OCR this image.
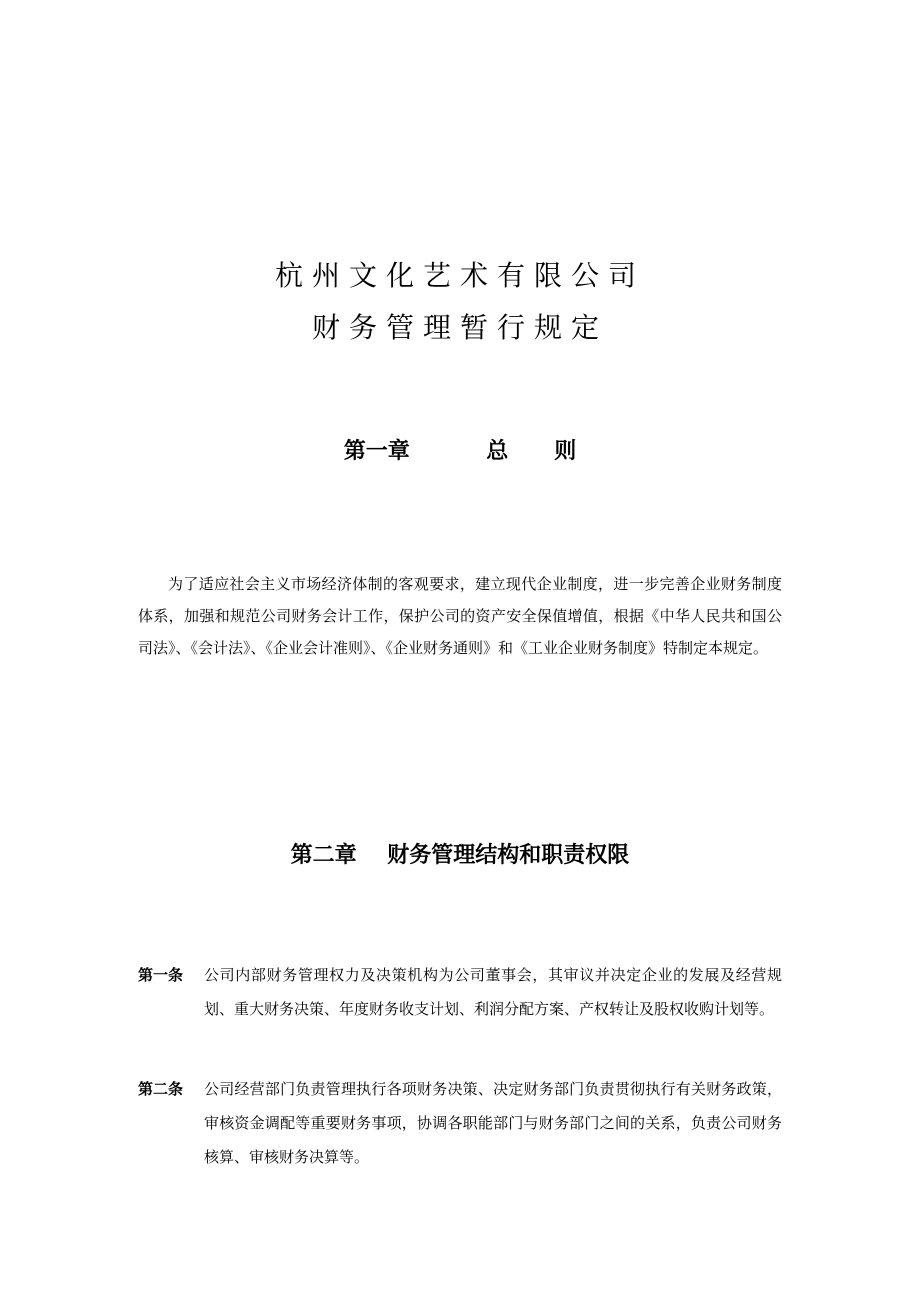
杭州文化艺术有限公司
财务管理暂行规定
第一章          总      则
为了适应社会主义市场经济体制的客观要求，建立现代企业制度，进一步完善企业财务制度体系，加强和规范公司财务会计工作，保护公司的资产安全保值增值，根据《中华人民共和国公司法》、《会计法》、《企业会计准则》、《企业财务通则》和《工业企业财务制度》特制定本规定。
第二章    财务管理结构和职责权限
第一条 公司内部财务管理权力及决策机构为公司董事会，其审议并决定企业的发展及经营规划、重大财务决策、年度财务收支计划、利润分配方案、产权转让及股权收购计划等。
第二条 公司经营部门负责管理执行各项财务决策、决定财务部门负责贯彻执行有关财务政策，审核资金调配等重要财务事项，协调各职能部门与财务部门之间的关系，负责公司财务核算、审核财务决算等。
